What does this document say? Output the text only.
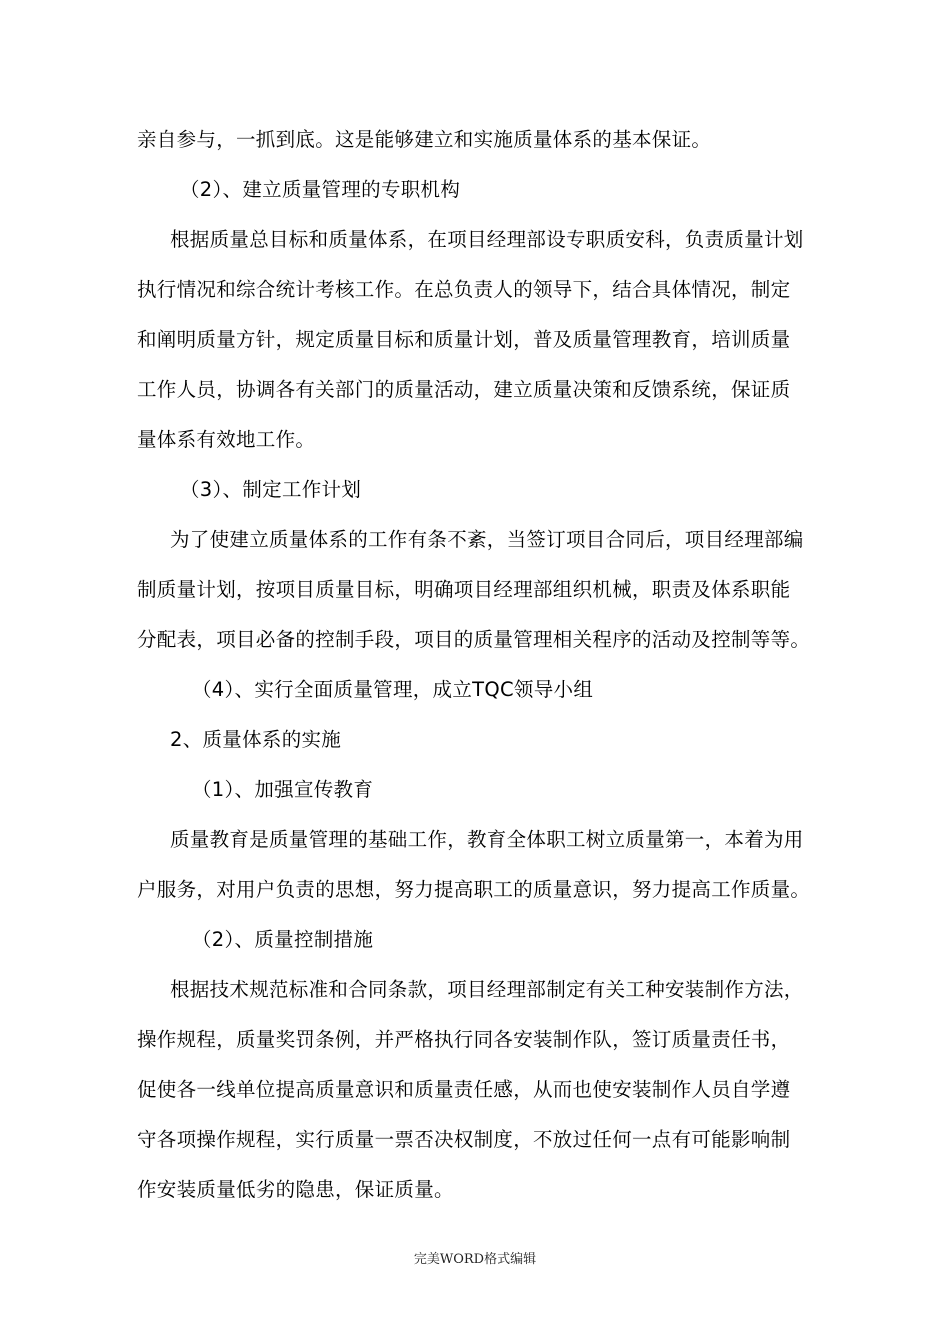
亲自参与，一抓到底。这是能够建立和实施质量体系的基本保证。
（2）、建立质量管理的专职机构
根据质量总目标和质量体系，在项目经理部设专职质安科，负责质量计划
执行情况和综合统计考核工作。在总负责人的领导下，结合具体情况，制定
和阐明质量方针，规定质量目标和质量计划，普及质量管理教育，培训质量
工作人员，协调各有关部门的质量活动，建立质量决策和反馈系统，保证质
量体系有效地工作。
（3）、制定工作计划
为了使建立质量体系的工作有条不紊，当签订项目合同后，项目经理部编
制质量计划，按项目质量目标，明确项目经理部组织机械，职责及体系职能
分配表，项目必备的控制手段，项目的质量管理相关程序的活动及控制等等。
（4）、实行全面质量管理，成立TQC领导小组
2、质量体系的实施
（1）、加强宣传教育
质量教育是质量管理的基础工作，教育全体职工树立质量第一，本着为用
户服务，对用户负责的思想，努力提高职工的质量意识，努力提高工作质量。
（2）、质量控制措施
根据技术规范标准和合同条款，项目经理部制定有关工种安装制作方法，
操作规程，质量奖罚条例，并严格执行同各安装制作队，签订质量责任书，
促使各一线单位提高质量意识和质量责任感，从而也使安装制作人员自学遵
守各项操作规程，实行质量一票否决权制度，不放过任何一点有可能影响制
作安装质量低劣的隐患，保证质量。
完美WORD格式编辑
